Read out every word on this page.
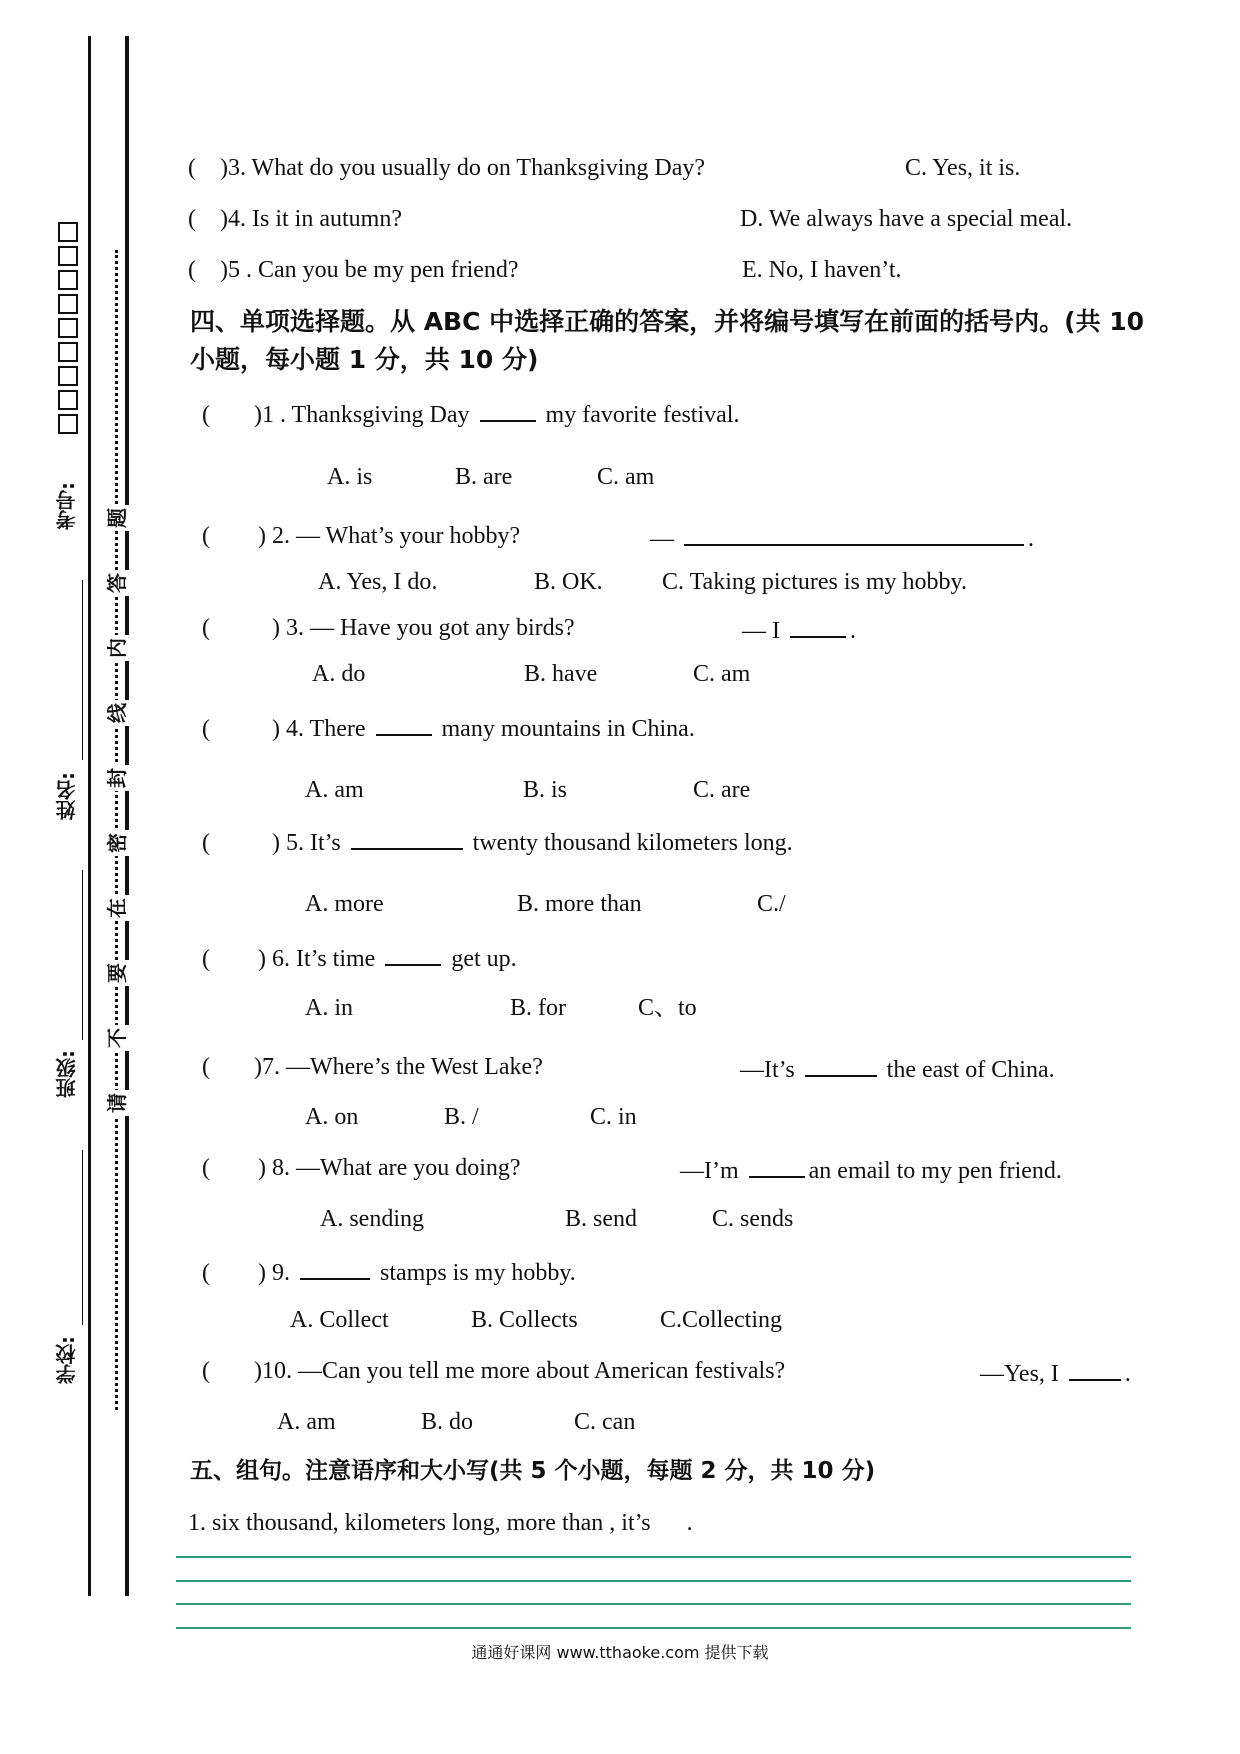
考号:
姓名:
班级:
学校:
题
答
内
线
封
密
在
要
不
请
( )3. What do you usually do on Thanksgiving Day?	C. Yes, it is.
( )4. Is it in autumn?	D. We always have a special meal.
( )5 . Can you be my pen friend?	E. No, I haven’t.
四、单项选择题。从 ABC 中选择正确的答案，并将编号填写在前面的括号内。(共 10 小题，每小题 1 分，共 10 分)
( )1 . Thanksgiving Day	my favorite festival.
A. is	B. are	C. am
( ) 2. — What’s your hobby?	—	.
A. Yes, I do.	B. OK. C. Taking pictures is my hobby.
(	) 3. — Have you got any birds?	— I	.
A. do	B. have	C. am
(	) 4. There	many mountains in China.
A. am	B. is	C. are
(	) 5. It’s	twenty thousand kilometers long.
A. more	B. more than	C./
( ) 6. It’s time	get up.
A. in	B. for	C、to
( )7. —Where’s the West Lake?	—It’s	the east of China.
A. on	B. /	C. in
( ) 8. —What are you doing?	—I’m	an email to my pen friend.
A. sending	B. send	C. sends
( ) 9.	stamps is my hobby.
A. Collect	B. Collects	C.Collecting
( )10. —Can you tell me more about American festivals?	—Yes, I	.
A. am	B. do	C. can
五、组句。注意语序和大小写(共 5 个小题，每题 2 分，共 10 分)
1. six thousand, kilometers long, more than , it’s .
通通好课网 www.tthaoke.com 提供下载
